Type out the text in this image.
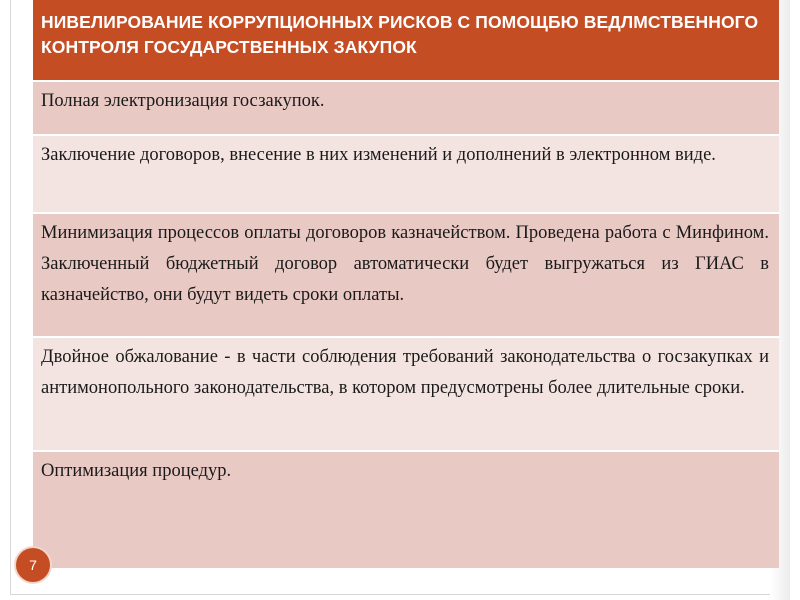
НИВЕЛИРОВАНИЕ КОРРУПЦИОННЫХ РИСКОВ С ПОМОЩБЮ ВЕДЛМСТВЕННОГО КОНТРОЛЯ ГОСУДАРСТВЕННЫХ ЗАКУПОК
Полная электронизация госзакупок.
Заключение договоров, внесение в них изменений и дополнений в электронном виде.
Минимизация процессов оплаты договоров казначейством. Проведена работа с Минфином. Заключенный бюджетный договор автоматически будет выгружаться из ГИАС в казначейство, они будут видеть сроки оплаты.
Двойное обжалование - в части соблюдения требований законодательства о госзакупках и антимонопольного законодательства, в котором предусмотрены более длительные сроки.
Оптимизация процедур.
7
